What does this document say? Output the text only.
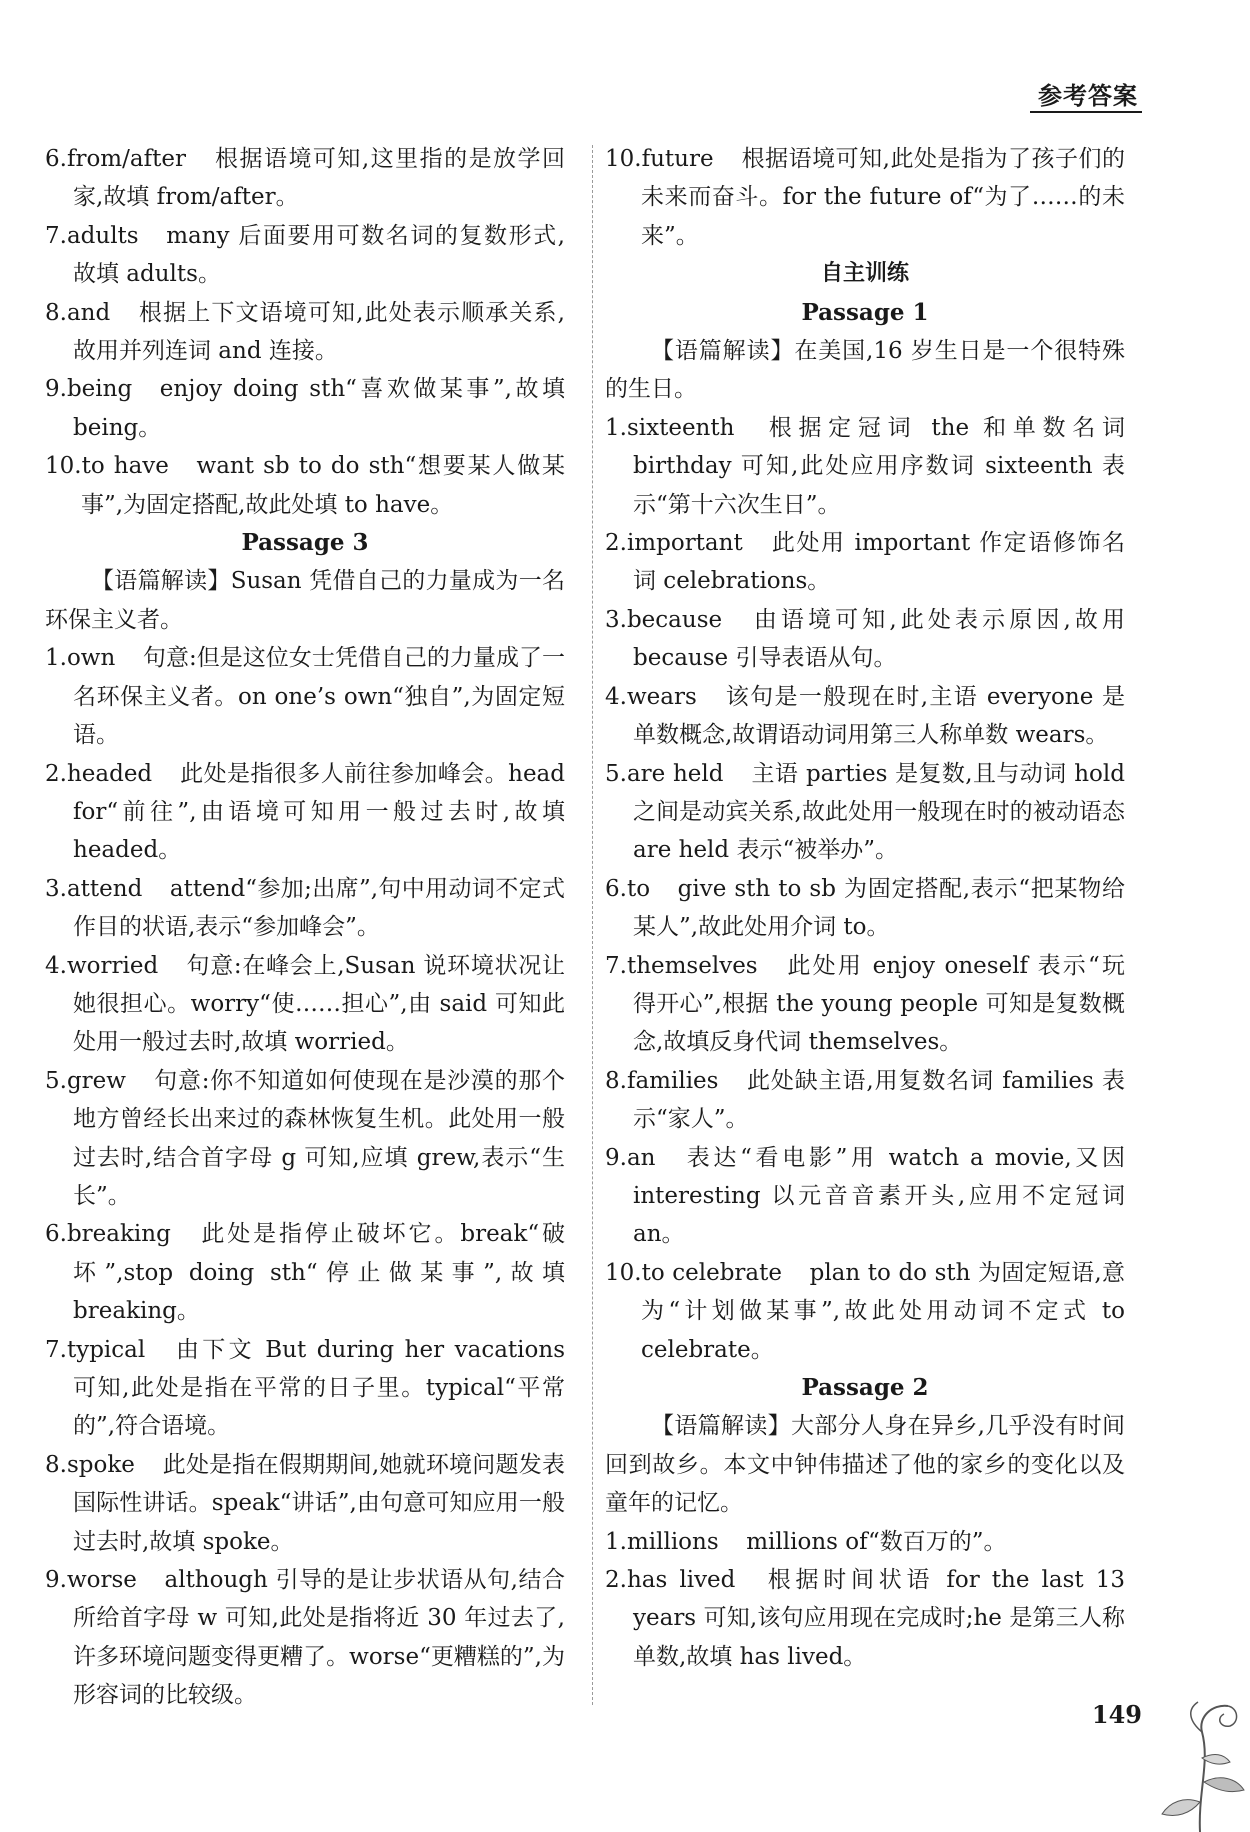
参考答案
6.from/after 根据语境可知,这里指的是放学回家,故填 from/after。
7.adults many 后面要用可数名词的复数形式,故填 adults。
8.and 根据上下文语境可知,此处表示顺承关系,故用并列连词 and 连接。
9.being enjoy doing sth“喜欢做某事”,故填 being。
10.to have want sb to do sth“想要某人做某事”,为固定搭配,故此处填 to have。
Passage 3
【语篇解读】Susan 凭借自己的力量成为一名环保主义者。
1.own 句意:但是这位女士凭借自己的力量成了一名环保主义者。on one’s own“独自”,为固定短语。
2.headed 此处是指很多人前往参加峰会。head for“前往”,由语境可知用一般过去时,故填 headed。
3.attend attend“参加;出席”,句中用动词不定式作目的状语,表示“参加峰会”。
4.worried 句意:在峰会上,Susan 说环境状况让她很担心。worry“使……担心”,由 said 可知此处用一般过去时,故填 worried。
5.grew 句意:你不知道如何使现在是沙漠的那个地方曾经长出来过的森林恢复生机。此处用一般过去时,结合首字母 g 可知,应填 grew,表示“生长”。
6.breaking 此处是指停止破坏它。break“破坏”,stop doing sth“停止做某事”,故填 breaking。
7.typical 由下文 But during her vacations 可知,此处是指在平常的日子里。typical“平常的”,符合语境。
8.spoke 此处是指在假期期间,她就环境问题发表国际性讲话。speak“讲话”,由句意可知应用一般过去时,故填 spoke。
9.worse although 引导的是让步状语从句,结合所给首字母 w 可知,此处是指将近 30 年过去了,许多环境问题变得更糟了。worse“更糟糕的”,为形容词的比较级。
10.future 根据语境可知,此处是指为了孩子们的未来而奋斗。for the future of“为了……的未来”。
自主训练
Passage 1
【语篇解读】在美国,16 岁生日是一个很特殊的生日。
1.sixteenth 根据定冠词 the 和单数名词 birthday 可知,此处应用序数词 sixteenth 表示“第十六次生日”。
2.important 此处用 important 作定语修饰名词 celebrations。
3.because 由语境可知,此处表示原因,故用 because 引导表语从句。
4.wears 该句是一般现在时,主语 everyone 是单数概念,故谓语动词用第三人称单数 wears。
5.are held 主语 parties 是复数,且与动词 hold 之间是动宾关系,故此处用一般现在时的被动语态 are held 表示“被举办”。
6.to give sth to sb 为固定搭配,表示“把某物给某人”,故此处用介词 to。
7.themselves 此处用 enjoy oneself 表示“玩得开心”,根据 the young people 可知是复数概念,故填反身代词 themselves。
8.families 此处缺主语,用复数名词 families 表示“家人”。
9.an 表达“看电影”用 watch a movie,又因 interesting 以元音音素开头,应用不定冠词 an。
10.to celebrate plan to do sth 为固定短语,意为“计划做某事”,故此处用动词不定式 to celebrate。
Passage 2
【语篇解读】大部分人身在异乡,几乎没有时间回到故乡。本文中钟伟描述了他的家乡的变化以及童年的记忆。
1.millions millions of“数百万的”。
2.has lived 根据时间状语 for the last 13 years 可知,该句应用现在完成时;he 是第三人称单数,故填 has lived。
149
